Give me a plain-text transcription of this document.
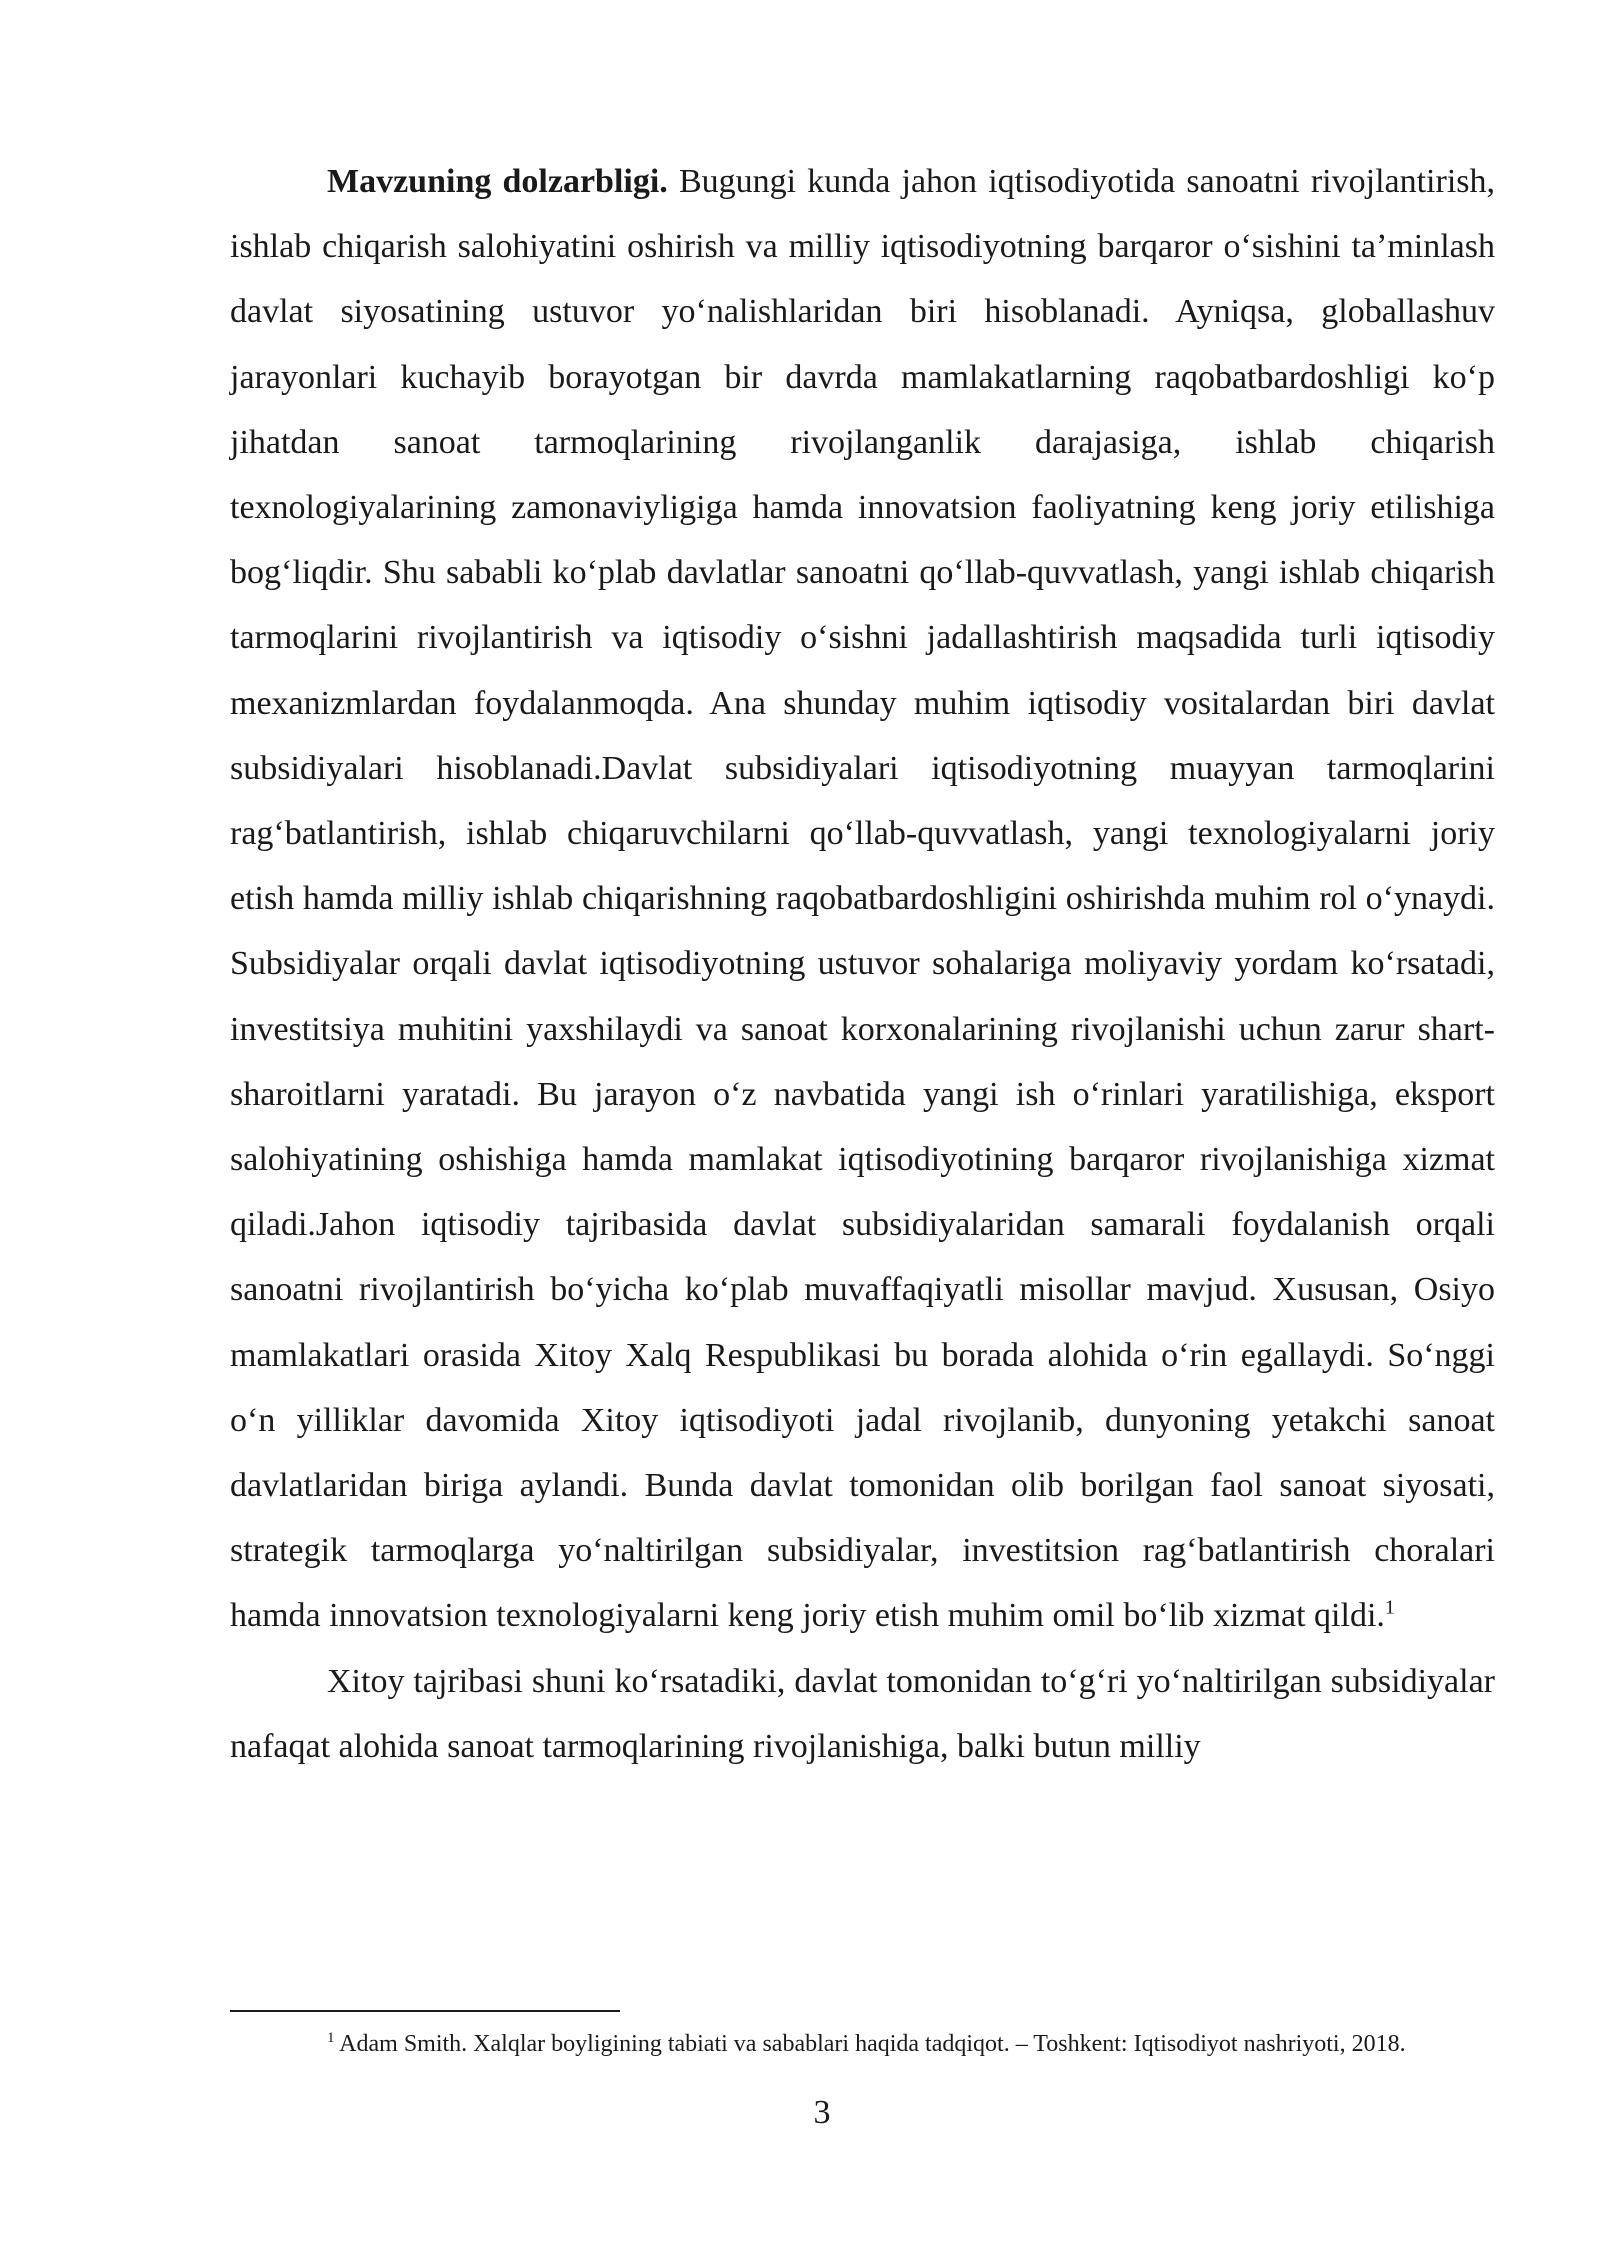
Mavzuning dolzarbligi. Bugungi kunda jahon iqtisodiyotida sanoatni rivojlantirish, ishlab chiqarish salohiyatini oshirish va milliy iqtisodiyotning barqaror oʻsishini taʼminlash davlat siyosatining ustuvor yoʻnalishlaridan biri hisoblanadi. Ayniqsa, globallashuv jarayonlari kuchayib borayotgan bir davrda mamlakatlarning raqobatbardoshligi koʻp jihatdan sanoat tarmoqlarining rivojlanganlik darajasiga, ishlab chiqarish texnologiyalarining zamonaviyligiga hamda innovatsion faoliyatning keng joriy etilishiga bogʻliqdir. Shu sababli koʻplab davlatlar sanoatni qoʻllab-quvvatlash, yangi ishlab chiqarish tarmoqlarini rivojlantirish va iqtisodiy oʻsishni jadallashtirish maqsadida turli iqtisodiy mexanizmlardan foydalanmoqda. Ana shunday muhim iqtisodiy vositalardan biri davlat subsidiyalari hisoblanadi.Davlat subsidiyalari iqtisodiyotning muayyan tarmoqlarini ragʻbatlantirish, ishlab chiqaruvchilarni qoʻllab-quvvatlash, yangi texnologiyalarni joriy etish hamda milliy ishlab chiqarishning raqobatbardoshligini oshirishda muhim rol oʻynaydi. Subsidiyalar orqali davlat iqtisodiyotning ustuvor sohalariga moliyaviy yordam koʻrsatadi, investitsiya muhitini yaxshilaydi va sanoat korxonalarining rivojlanishi uchun zarur shart-sharoitlarni yaratadi. Bu jarayon oʻz navbatida yangi ish oʻrinlari yaratilishiga, eksport salohiyatining oshishiga hamda mamlakat iqtisodiyotining barqaror rivojlanishiga xizmat qiladi.Jahon iqtisodiy tajribasida davlat subsidiyalaridan samarali foydalanish orqali sanoatni rivojlantirish boʻyicha koʻplab muvaffaqiyatli misollar mavjud. Xususan, Osiyo mamlakatlari orasida Xitoy Xalq Respublikasi bu borada alohida oʻrin egallaydi. Soʻnggi oʻn yilliklar davomida Xitoy iqtisodiyoti jadal rivojlanib, dunyoning yetakchi sanoat davlatlaridan biriga aylandi. Bunda davlat tomonidan olib borilgan faol sanoat siyosati, strategik tarmoqlarga yoʻnaltirilgan subsidiyalar, investitsion ragʻbatlantirish choralari hamda innovatsion texnologiyalarni keng joriy etish muhim omil boʻlib xizmat qildi.$^1$

Xitoy tajribasi shuni koʻrsatadiki, davlat tomonidan toʻgʻri yoʻnaltirilgan subsidiyalar nafaqat alohida sanoat tarmoqlarining rivojlanishiga, balki butun milliy

$^1$ Adam Smith. Xalqlar boyligining tabiati va sabablari haqida tadqiqot. – Toshkent: Iqtisodiyot nashriyoti, 2018.
3
